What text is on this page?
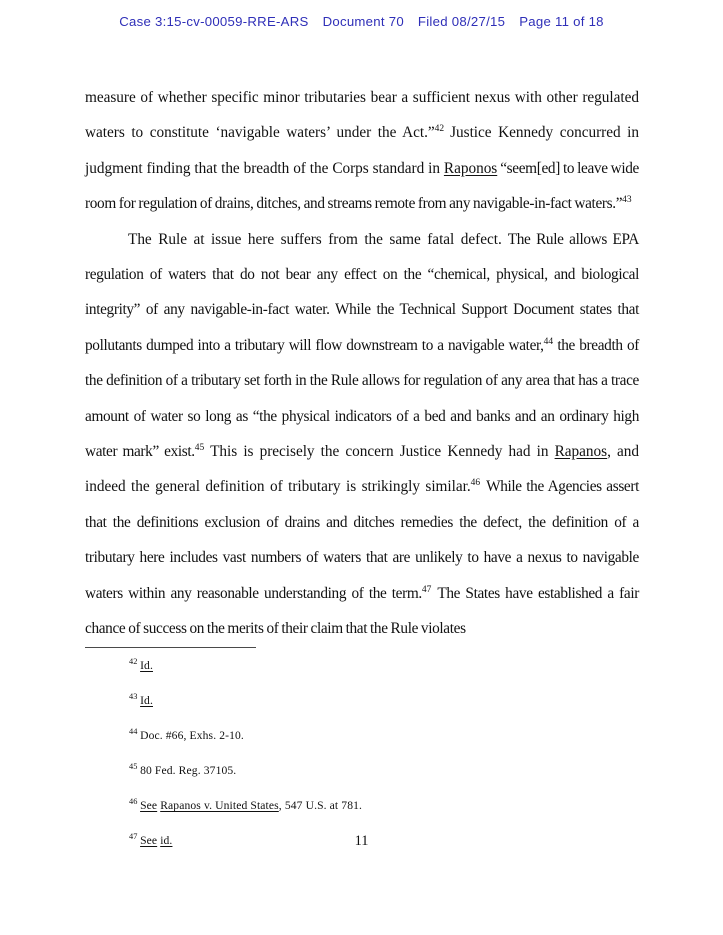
Case 3:15-cv-00059-RRE-ARS Document 70 Filed 08/27/15 Page 11 of 18

measure of whether specific minor tributaries bear a sufficient nexus with other regulated waters to constitute ‘navigable waters’ under the Act.”$^{42}$ Justice Kennedy concurred in judgment finding that the breadth of the Corps standard in Raponos “seem[ed] to leave wide room for regulation of drains, ditches, and streams remote from any navigable-in-fact waters.”$^{43}$

The Rule at issue here suffers from the same fatal defect. The Rule allows EPA regulation of waters that do not bear any effect on the “chemical, physical, and biological integrity” of any navigable-in-fact water. While the Technical Support Document states that pollutants dumped into a tributary will flow downstream to a navigable water,$^{44}$ the breadth of the definition of a tributary set forth in the Rule allows for regulation of any area that has a trace amount of water so long as “the physical indicators of a bed and banks and an ordinary high water mark” exist.$^{45}$ This is precisely the concern Justice Kennedy had in Rapanos, and indeed the general definition of tributary is strikingly similar.$^{46}$ While the Agencies assert that the definitions exclusion of drains and ditches remedies the defect, the definition of a tributary here includes vast numbers of waters that are unlikely to have a nexus to navigable waters within any reasonable understanding of the term.$^{47}$ The States have established a fair chance of success on the merits of their claim that the Rule violates

$^{42}$ Id.

$^{43}$ Id.

$^{44}$ Doc. #66, Exhs. 2-10.

$^{45}$ 80 Fed. Reg. 37105.

$^{46}$ See Rapanos v. United States, 547 U.S. at 781.

$^{47}$ See id.	11
